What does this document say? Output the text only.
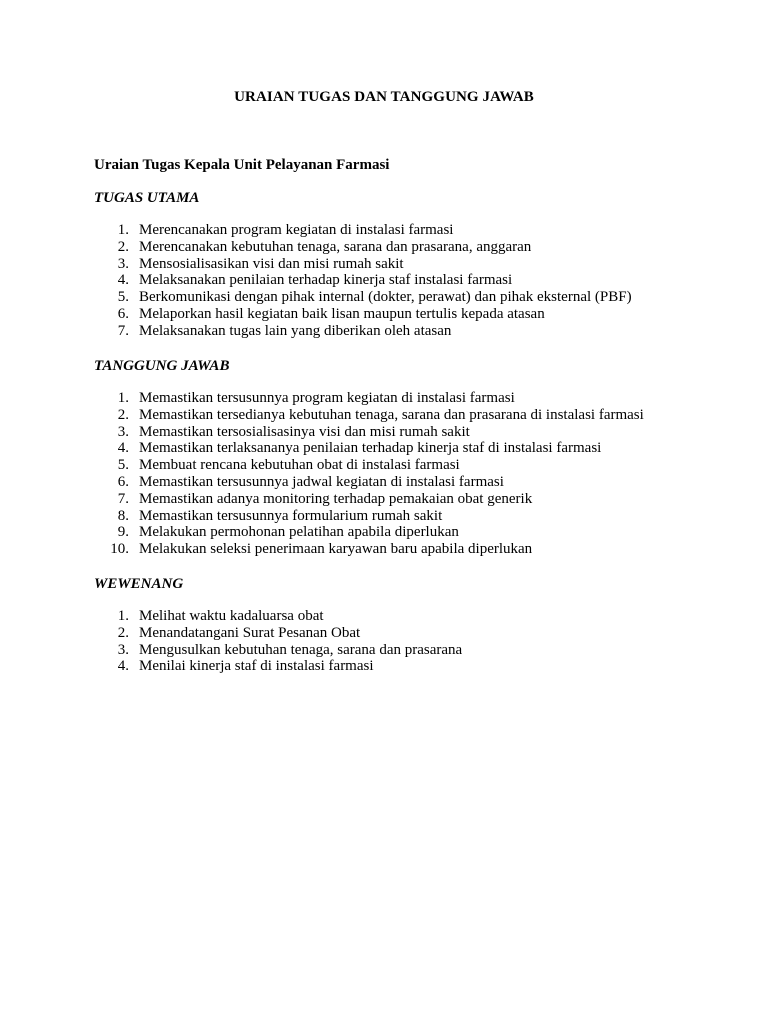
URAIAN TUGAS DAN TANGGUNG JAWAB
Uraian Tugas Kepala Unit Pelayanan Farmasi
TUGAS UTAMA
1. Merencanakan program kegiatan di instalasi farmasi
2. Merencanakan kebutuhan tenaga, sarana dan prasarana, anggaran
3. Mensosialisasikan visi dan misi rumah sakit
4. Melaksanakan penilaian terhadap kinerja staf instalasi farmasi
5. Berkomunikasi dengan pihak internal (dokter, perawat) dan pihak eksternal (PBF)
6. Melaporkan hasil kegiatan baik lisan maupun tertulis kepada atasan
7. Melaksanakan tugas lain yang diberikan oleh atasan
TANGGUNG JAWAB
1. Memastikan tersusunnya program kegiatan di instalasi farmasi
2. Memastikan tersedianya kebutuhan tenaga, sarana dan prasarana di instalasi farmasi
3. Memastikan tersosialisasinya visi dan misi rumah sakit
4. Memastikan terlaksananya penilaian terhadap kinerja staf di instalasi farmasi
5. Membuat rencana kebutuhan obat di instalasi farmasi
6. Memastikan tersusunnya jadwal kegiatan di instalasi farmasi
7. Memastikan adanya monitoring terhadap pemakaian obat generik
8. Memastikan tersusunnya formularium rumah sakit
9. Melakukan permohonan pelatihan apabila diperlukan
10. Melakukan seleksi penerimaan karyawan baru apabila diperlukan
WEWENANG
1. Melihat waktu kadaluarsa obat
2. Menandatangani Surat Pesanan Obat
3. Mengusulkan kebutuhan tenaga, sarana dan prasarana
4. Menilai kinerja staf di instalasi farmasi
